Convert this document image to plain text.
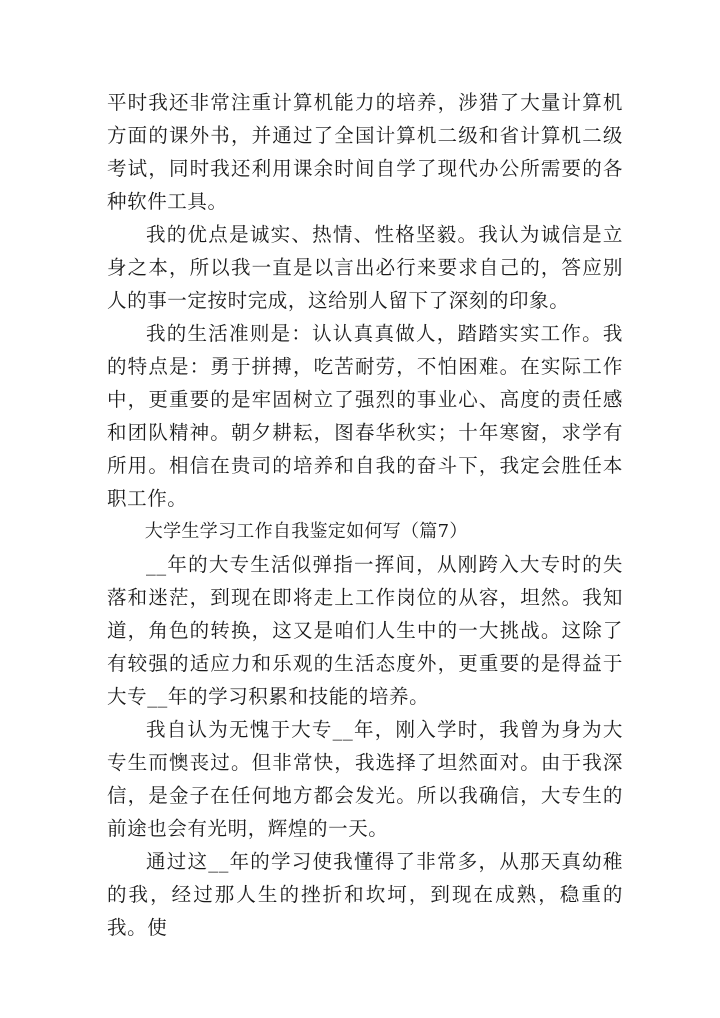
平时我还非常注重计算机能力的培养，涉猎了大量计算机方面的课外书，并通过了全国计算机二级和省计算机二级考试，同时我还利用课余时间自学了现代办公所需要的各种软件工具。

我的优点是诚实、热情、性格坚毅。我认为诚信是立身之本，所以我一直是以言出必行来要求自己的，答应别人的事一定按时完成，这给别人留下了深刻的印象。

我的生活准则是：认认真真做人，踏踏实实工作。我的特点是：勇于拼搏，吃苦耐劳，不怕困难。在实际工作中，更重要的是牢固树立了强烈的事业心、高度的责任感和团队精神。朝夕耕耘，图春华秋实；十年寒窗，求学有所用。相信在贵司的培养和自我的奋斗下，我定会胜任本职工作。

大学生学习工作自我鉴定如何写（篇7）

__年的大专生活似弹指一挥间，从刚跨入大专时的失落和迷茫，到现在即将走上工作岗位的从容，坦然。我知道，角色的转换，这又是咱们人生中的一大挑战。这除了有较强的适应力和乐观的生活态度外，更重要的是得益于大专__年的学习积累和技能的培养。

我自认为无愧于大专__年，刚入学时，我曾为身为大专生而懊丧过。但非常快，我选择了坦然面对。由于我深信，是金子在任何地方都会发光。所以我确信，大专生的前途也会有光明，辉煌的一天。

通过这__年的学习使我懂得了非常多，从那天真幼稚的我，经过那人生的挫折和坎坷，到现在成熟，稳重的我。使
